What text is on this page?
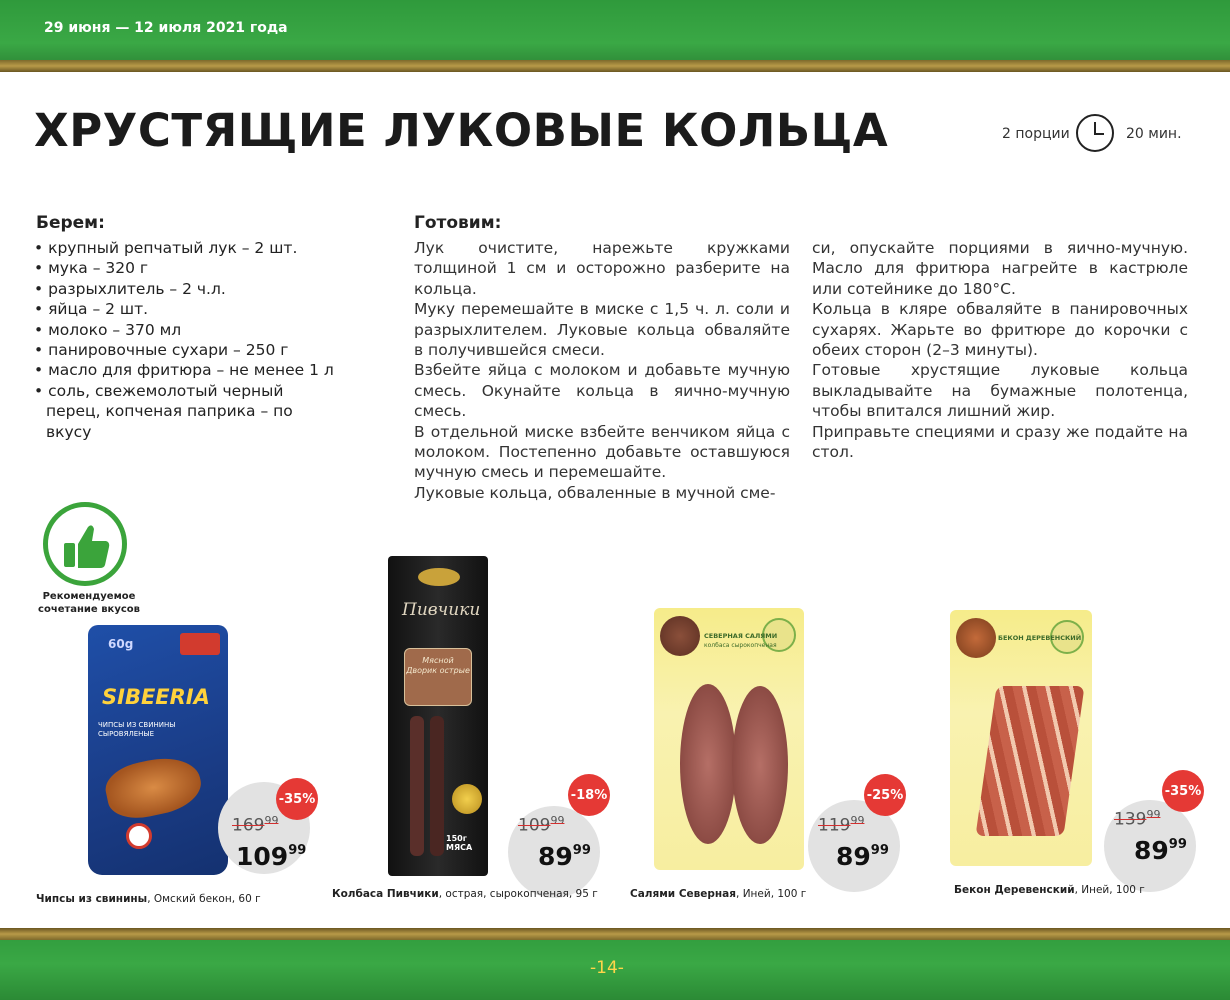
29 июня — 12 июля 2021 года
ХРУСТЯЩИЕ ЛУКОВЫЕ КОЛЬЦА	2 порции	20 мин.
Берем:
• крупный репчатый лук – 2 шт.
• мука – 320 г
• разрыхлитель – 2 ч.л.
• яйца – 2 шт.
• молоко – 370 мл
• панировочные сухари – 250 г
• масло для фритюра – не менее 1 л
• соль, свежемолотый черный перец, копченая паприка – по вкусу
Готовим:

Лук очистите, нарежьте кружками толщиной 1 см и осторожно разберите на кольца.

Муку перемешайте в миске с 1,5 ч. л. соли и разрыхлителем. Луковые кольца обваляйте в получившейся смеси.

Взбейте яйца с молоком и добавьте мучную смесь. Окунайте кольца в яично-мучную смесь.

В отдельной миске взбейте венчиком яйца с молоком. Постепенно добавьте оставшуюся мучную смесь и перемешайте.

Луковые кольца, обваленные в мучной сме-

си, опускайте порциями в яично-мучную. Масло для фритюра нагрейте в кастрюле или сотейнике до 180°С.

Кольца в кляре обваляйте в панировочных сухарях. Жарьте во фритюре до корочки с обеих сторон (2–3 минуты).

Готовые хрустящие луковые кольца выкладывайте на бумажные полотенца, чтобы впитался лишний жир.

Приправьте специями и сразу же подайте на стол.

Рекомендуемое
сочетание вкусов
60g
SIBEERIA
ЧИПСЫ ИЗ СВИНИНЫ СЫРОВЯЛЕНЫЕ
-35%
$169^{99}$
$109^{99}$
Чипсы из свинины, Омский бекон, 60 г
Пивчики
Мясной Дворик острые
150г МЯСА
-18%
$109^{99}$
$89^{99}$
Колбаса Пивчики, острая, сырокопченая, 95 г
СЕВЕРНАЯ САЛЯМИ
колбаса сырокопченая
-25%
$119^{99}$
$89^{99}$
Салями Северная, Иней, 100 г
БЕКОН ДЕРЕВЕНСКИЙ
-35%
$139^{99}$
$89^{99}$
Бекон Деревенский, Иней, 100 г
-14-
